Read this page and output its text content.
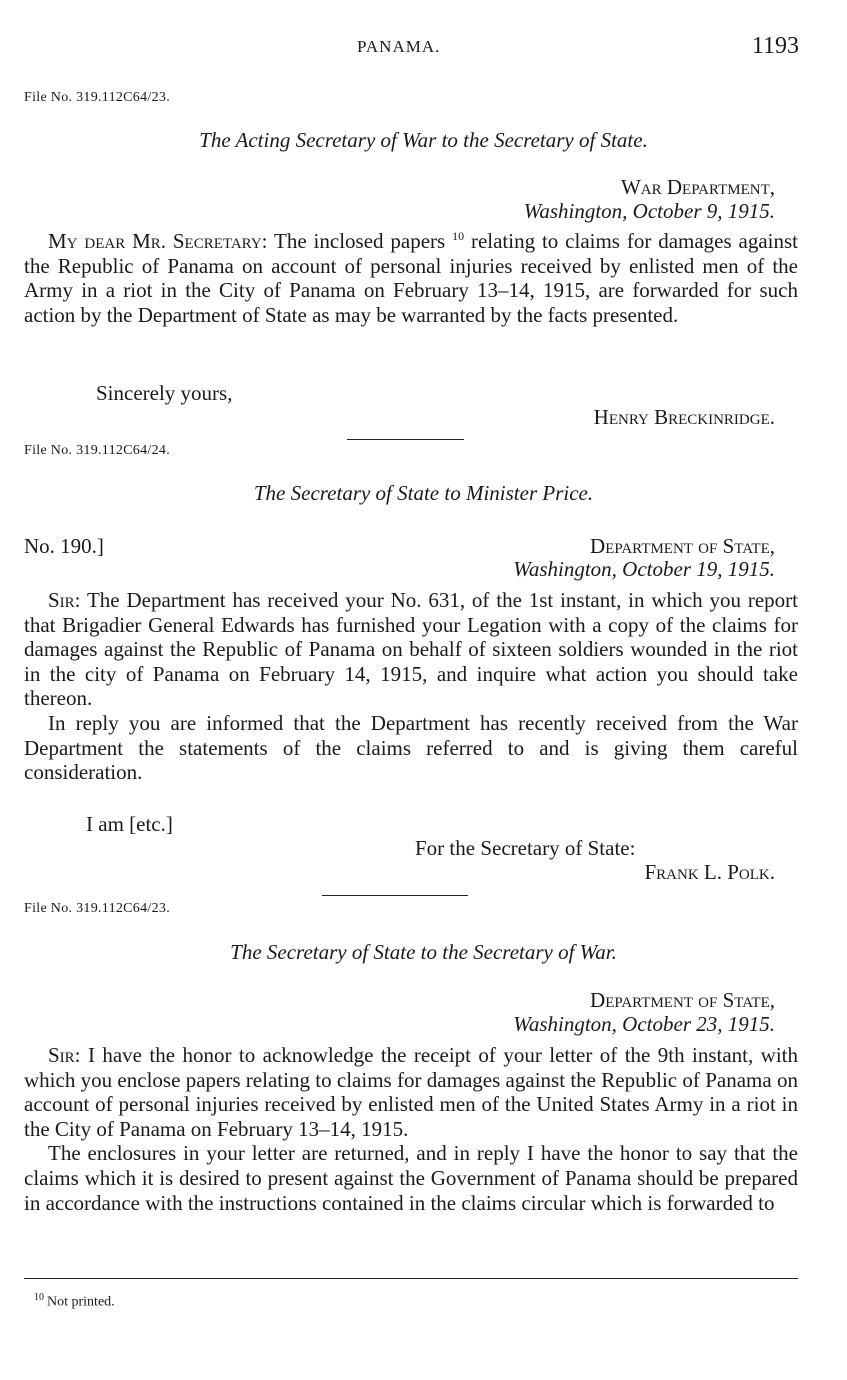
PANAMA.	1193
File No. 319.112C64/23.
The Acting Secretary of War to the Secretary of State.
War Department,
Washington, October 9, 1915.

My dear Mr. Secretary: The inclosed papers $^{10}$ relating to claims for damages against the Republic of Panama on account of personal injuries received by enlisted men of the Army in a riot in the City of Panama on February 13–14, 1915, are forwarded for such action by the Department of State as may be warranted by the facts presented.

Sincerely yours,
Henry Breckinridge.
File No. 319.112C64/24.
The Secretary of State to Minister Price.
No. 190.]	Department of State,
Washington, October 19, 1915.

Sir: The Department has received your No. 631, of the 1st instant, in which you report that Brigadier General Edwards has furnished your Legation with a copy of the claims for damages against the Republic of Panama on behalf of sixteen soldiers wounded in the riot in the city of Panama on February 14, 1915, and inquire what action you should take thereon.

In reply you are informed that the Department has recently received from the War Department the statements of the claims referred to and is giving them careful consideration.

I am [etc.]
For the Secretary of State:
Frank L. Polk.
File No. 319.112C64/23.
The Secretary of State to the Secretary of War.
Department of State,
Washington, October 23, 1915.

Sir: I have the honor to acknowledge the receipt of your letter of the 9th instant, with which you enclose papers relating to claims for damages against the Republic of Panama on account of personal injuries received by enlisted men of the United States Army in a riot in the City of Panama on February 13–14, 1915.

The enclosures in your letter are returned, and in reply I have the honor to say that the claims which it is desired to present against the Government of Panama should be prepared in accordance with the instructions contained in the claims circular which is forwarded to

$^{10}$ Not printed.
